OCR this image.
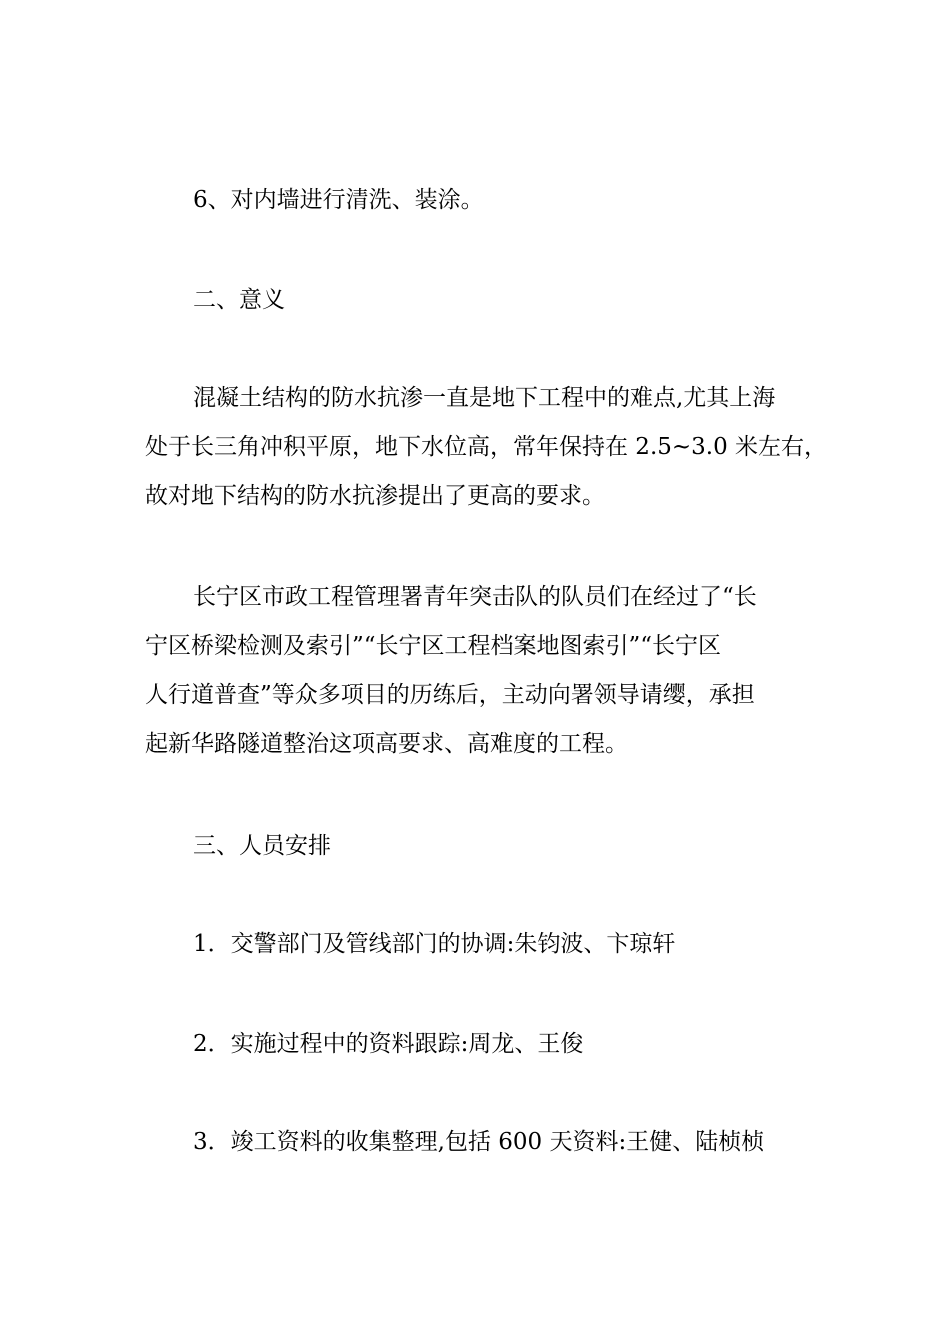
6、对内墙进行清洗、装涂。

二、意义

混凝土结构的防水抗渗一直是地下工程中的难点,尤其上海
处于长三角冲积平原，地下水位高，常年保持在 2.5~3.0 米左右，
故对地下结构的防水抗渗提出了更高的要求。
长宁区市政工程管理署青年突击队的队员们在经过了“长
宁区桥梁检测及索引”“长宁区工程档案地图索引”“长宁区
人行道普查”等众多项目的历练后，主动向署领导请缨，承担
起新华路隧道整治这项高要求、高难度的工程。

三、人员安排

1．交警部门及管线部门的协调:朱钧波、卞琼轩

2．实施过程中的资料跟踪:周龙、王俊

3．竣工资料的收集整理,包括 600 天资料:王健、陆桢桢
